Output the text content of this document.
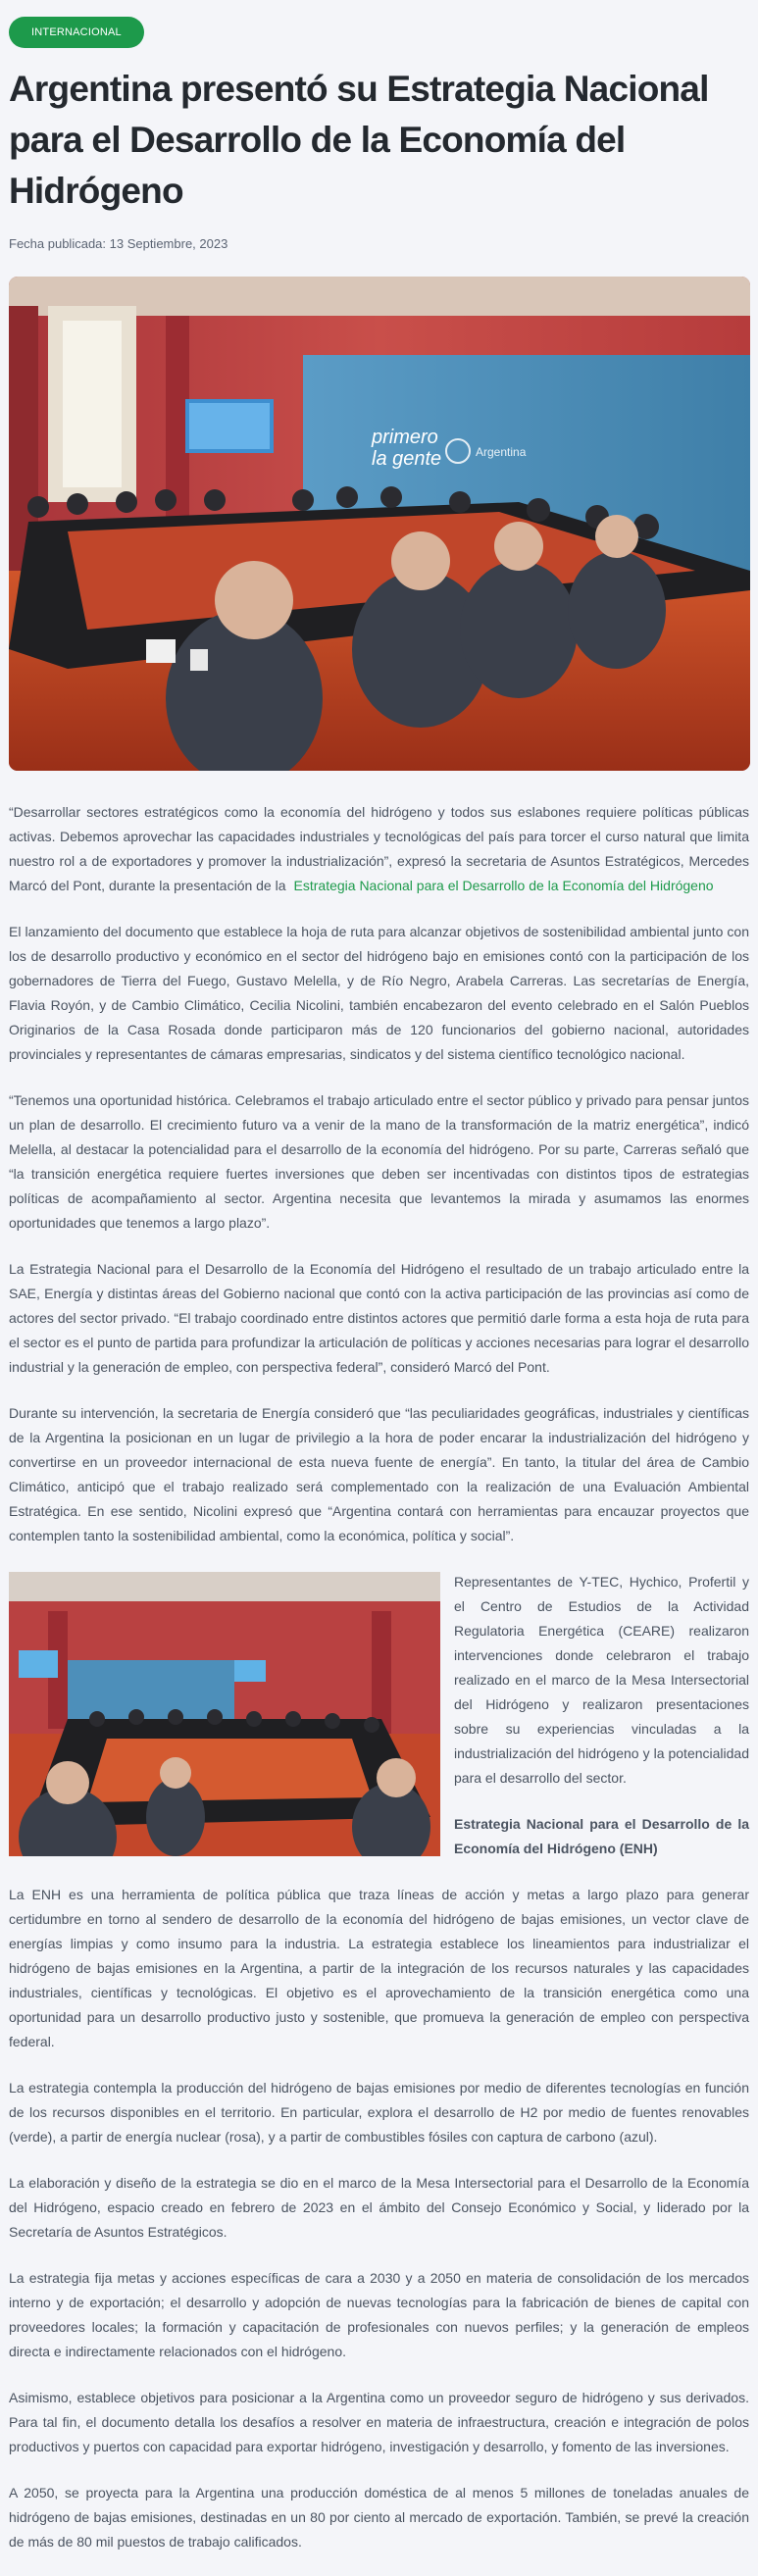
INTERNACIONAL
Argentina presentó su Estrategia Nacional para el Desarrollo de la Economía del Hidrógeno
Fecha publicada: 13 Septiembre, 2023
primero
la gente	Argentina

“Desarrollar sectores estratégicos como la economía del hidrógeno y todos sus eslabones requiere políticas públicas activas. Debemos aprovechar las capacidades industriales y tecnológicas del país para torcer el curso natural que limita nuestro rol a de exportadores y promover la industrialización”, expresó la secretaria de Asuntos Estratégicos, Mercedes Marcó del Pont, durante la presentación de la Estrategia Nacional para el Desarrollo de la Economía del Hidrógeno

El lanzamiento del documento que establece la hoja de ruta para alcanzar objetivos de sostenibilidad ambiental junto con los de desarrollo productivo y económico en el sector del hidrógeno bajo en emisiones contó con la participación de los gobernadores de Tierra del Fuego, Gustavo Melella, y de Río Negro, Arabela Carreras. Las secretarías de Energía, Flavia Royón, y de Cambio Climático, Cecilia Nicolini, también encabezaron del evento celebrado en el Salón Pueblos Originarios de la Casa Rosada donde participaron más de 120 funcionarios del gobierno nacional, autoridades provinciales y representantes de cámaras empresarias, sindicatos y del sistema científico tecnológico nacional.

“Tenemos una oportunidad histórica. Celebramos el trabajo articulado entre el sector público y privado para pensar juntos un plan de desarrollo. El crecimiento futuro va a venir de la mano de la transformación de la matriz energética”, indicó Melella, al destacar la potencialidad para el desarrollo de la economía del hidrógeno. Por su parte, Carreras señaló que “la transición energética requiere fuertes inversiones que deben ser incentivadas con distintos tipos de estrategias políticas de acompañamiento al sector. Argentina necesita que levantemos la mirada y asumamos las enormes oportunidades que tenemos a largo plazo”.

La Estrategia Nacional para el Desarrollo de la Economía del Hidrógeno el resultado de un trabajo articulado entre la SAE, Energía y distintas áreas del Gobierno nacional que contó con la activa participación de las provincias así como de actores del sector privado. “El trabajo coordinado entre distintos actores que permitió darle forma a esta hoja de ruta para el sector es el punto de partida para profundizar la articulación de políticas y acciones necesarias para lograr el desarrollo industrial y la generación de empleo, con perspectiva federal”, consideró Marcó del Pont.

Durante su intervención, la secretaria de Energía consideró que “las peculiaridades geográficas, industriales y científicas de la Argentina la posicionan en un lugar de privilegio a la hora de poder encarar la industrialización del hidrógeno y convertirse en un proveedor internacional de esta nueva fuente de energía”. En tanto, la titular del área de Cambio Climático, anticipó que el trabajo realizado será complementado con la realización de una Evaluación Ambiental Estratégica. En ese sentido, Nicolini expresó que “Argentina contará con herramientas para encauzar proyectos que contemplen tanto la sostenibilidad ambiental, como la económica, política y social”.

Representantes de Y-TEC, Hychico, Profertil y el Centro de Estudios de la Actividad Regulatoria Energética (CEARE) realizaron intervenciones donde celebraron el trabajo realizado en el marco de la Mesa Intersectorial del Hidrógeno y realizaron presentaciones sobre su experiencias vinculadas a la industrialización del hidrógeno y la potencialidad para el desarrollo del sector.

Estrategia Nacional para el Desarrollo de la Economía del Hidrógeno (ENH)

La ENH es una herramienta de política pública que traza líneas de acción y metas a largo plazo para generar certidumbre en torno al sendero de desarrollo de la economía del hidrógeno de bajas emisiones, un vector clave de energías limpias y como insumo para la industria. La estrategia establece los lineamientos para industrializar el hidrógeno de bajas emisiones en la Argentina, a partir de la integración de los recursos naturales y las capacidades industriales, científicas y tecnológicas. El objetivo es el aprovechamiento de la transición energética como una oportunidad para un desarrollo productivo justo y sostenible, que promueva la generación de empleo con perspectiva federal.

La estrategia contempla la producción del hidrógeno de bajas emisiones por medio de diferentes tecnologías en función de los recursos disponibles en el territorio. En particular, explora el desarrollo de H2 por medio de fuentes renovables (verde), a partir de energía nuclear (rosa), y a partir de combustibles fósiles con captura de carbono (azul).

La elaboración y diseño de la estrategia se dio en el marco de la Mesa Intersectorial para el Desarrollo de la Economía del Hidrógeno, espacio creado en febrero de 2023 en el ámbito del Consejo Económico y Social, y liderado por la Secretaría de Asuntos Estratégicos.

La estrategia fija metas y acciones específicas de cara a 2030 y a 2050 en materia de consolidación de los mercados interno y de exportación; el desarrollo y adopción de nuevas tecnologías para la fabricación de bienes de capital con proveedores locales; la formación y capacitación de profesionales con nuevos perfiles; y la generación de empleos directa e indirectamente relacionados con el hidrógeno.

Asimismo, establece objetivos para posicionar a la Argentina como un proveedor seguro de hidrógeno y sus derivados. Para tal fin, el documento detalla los desafíos a resolver en materia de infraestructura, creación e integración de polos productivos y puertos con capacidad para exportar hidrógeno, investigación y desarrollo, y fomento de las inversiones.

A 2050, se proyecta para la Argentina una producción doméstica de al menos 5 millones de toneladas anuales de hidrógeno de bajas emisiones, destinadas en un 80 por ciento al mercado de exportación. También, se prevé la creación de más de 80 mil puestos de trabajo calificados.
